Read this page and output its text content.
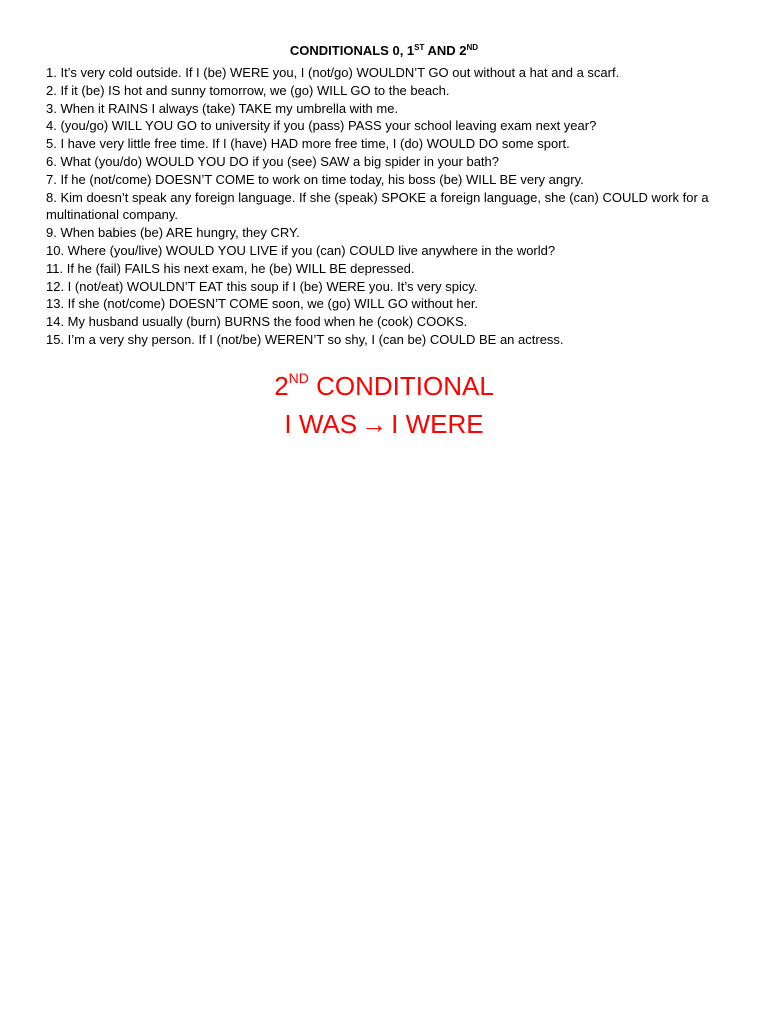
CONDITIONALS 0, 1ST AND 2ND
1. It’s very cold outside. If I (be) WERE you, I (not/go) WOULDN’T GO out without a hat and a scarf.
2. If it (be) IS hot and sunny tomorrow, we (go) WILL GO to the beach.
3. When it RAINS I always (take) TAKE my umbrella with me.
4. (you/go) WILL YOU GO to university if you (pass) PASS your school leaving exam next year?
5. I have very little free time. If I (have) HAD more free time, I (do) WOULD DO some sport.
6. What (you/do) WOULD YOU DO if you (see) SAW a big spider in your bath?
7. If he (not/come) DOESN’T COME to work on time today, his boss (be) WILL BE very angry.
8. Kim doesn’t speak any foreign language. If she (speak) SPOKE a foreign language, she (can) COULD work for a multinational company.
9. When babies (be) ARE hungry, they CRY.
10. Where (you/live) WOULD YOU LIVE if you (can) COULD live anywhere in the world?
11. If he (fail) FAILS his next exam, he (be) WILL BE depressed.
12. I (not/eat) WOULDN’T EAT this soup if I (be) WERE you. It’s very spicy.
13. If she (not/come) DOESN’T COME soon, we (go) WILL GO without her.
14. My husband usually (burn) BURNS the food when he (cook) COOKS.
15. I’m a very shy person. If I (not/be) WEREN’T so shy, I (can be) COULD BE an actress.
2ND CONDITIONAL
I WAS → I WERE
